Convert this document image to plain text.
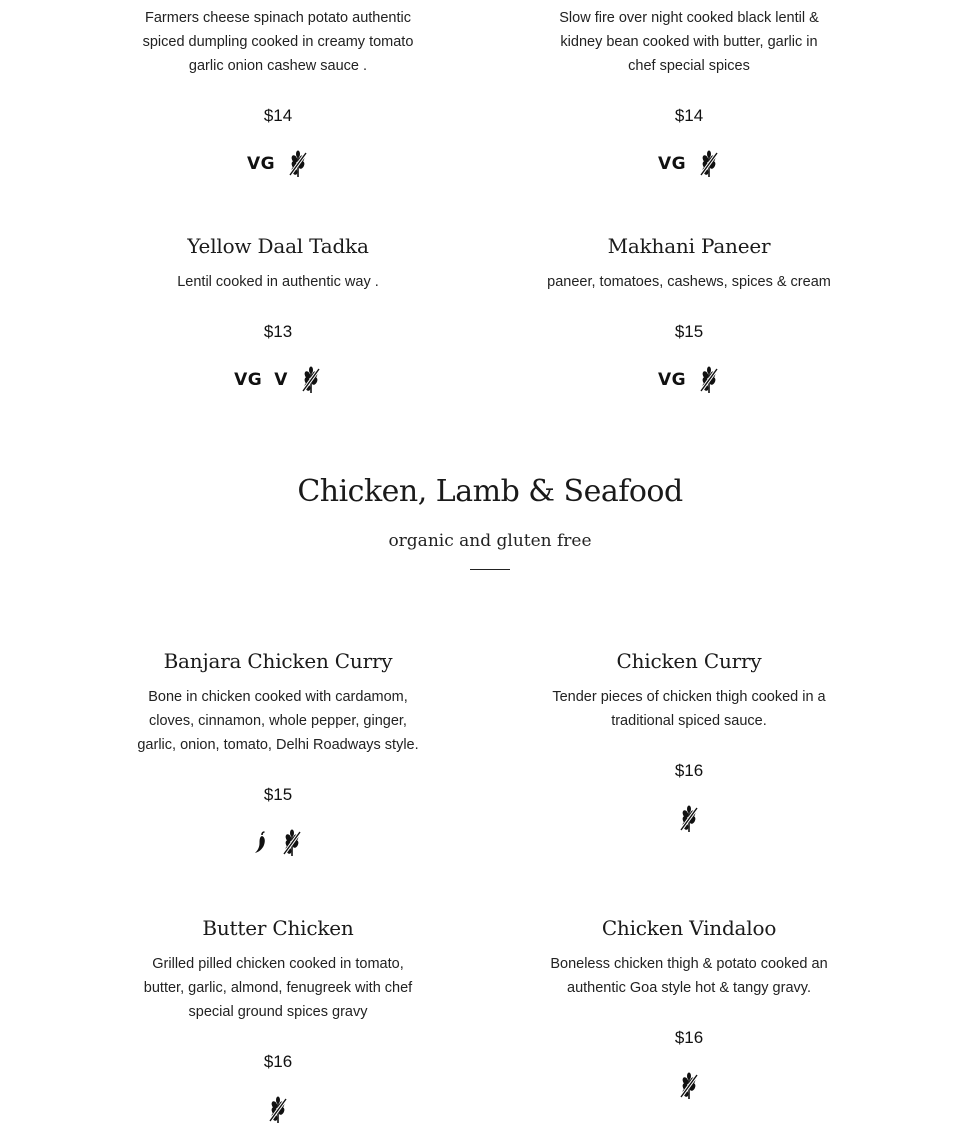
Farmers cheese spinach potato authentic spiced dumpling cooked in creamy tomato garlic onion cashew sauce .

$14
VG

Slow fire over night cooked black lentil & kidney bean cooked with butter, garlic in chef special spices

$14
VG
Yellow Daal Tadka

Lentil cooked in authentic way .

$13
VG V
Makhani Paneer

paneer, tomatoes, cashews, spices & cream

$15
VG
Chicken, Lamb & Seafood

organic and gluten free

Banjara Chicken Curry

Bone in chicken cooked with cardamom, cloves, cinnamon, whole pepper, ginger, garlic, onion, tomato, Delhi Roadways style.

$15
Chicken Curry

Tender pieces of chicken thigh cooked in a traditional spiced sauce.

$16
Butter Chicken

Grilled pilled chicken cooked in tomato, butter, garlic, almond, fenugreek with chef special ground spices gravy

$16
Chicken Vindaloo

Boneless chicken thigh & potato cooked an authentic Goa style hot & tangy gravy.

$16
